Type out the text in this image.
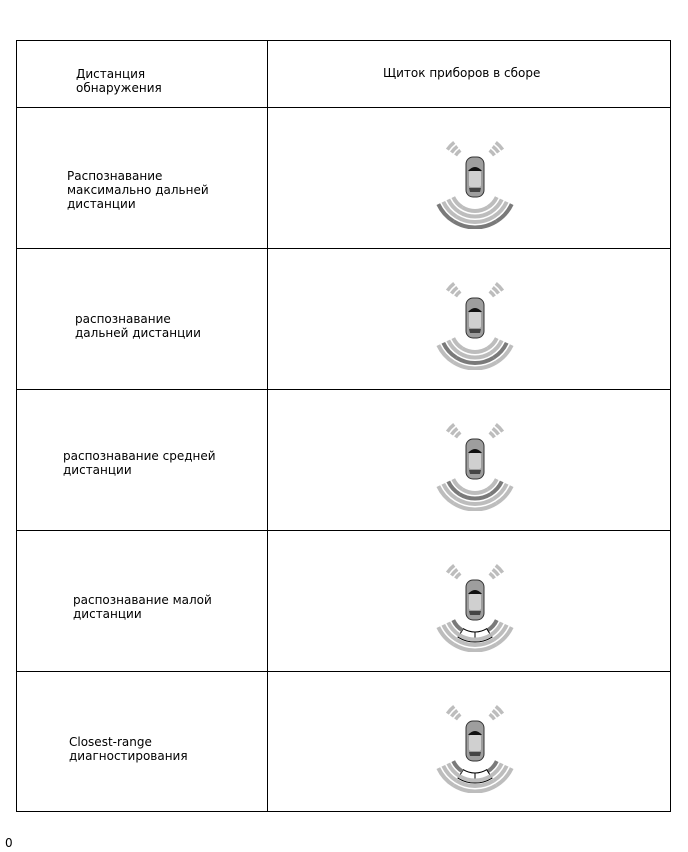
Дистанция
обнаружения
Щиток приборов в сборе
Распознавание
максимально дальней
дистанции
распознавание
дальней дистанции
распознавание средней
дистанции
распознавание малой
дистанции
Closest-range
диагностирования
0
